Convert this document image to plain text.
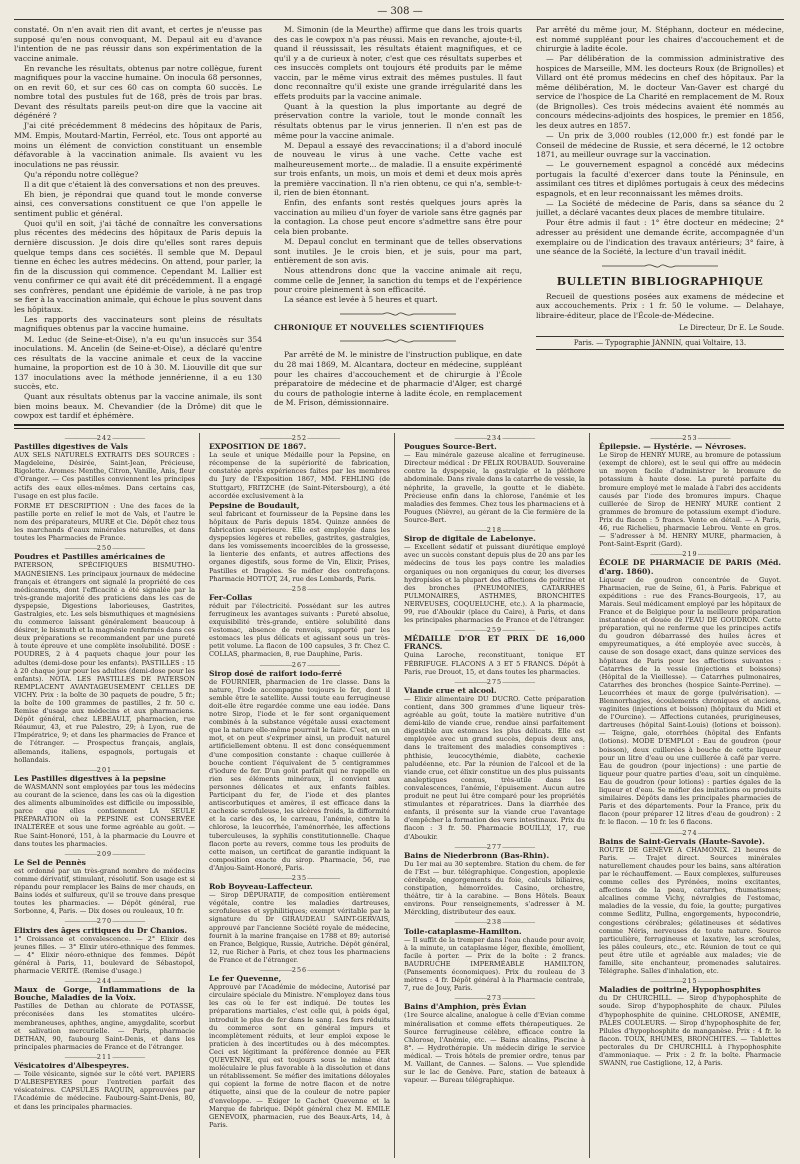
— 308 —

constaté. On n'en avait rien dit avant, et certes je n'eusse pas supposé qu'en nous convoquant, M. Depaul ait eu d'avance l'intention de ne pas réussir dans son expérimentation de la vaccine animale.

En revanche les résultats, obtenus par notre collègue, furent magnifiques pour la vaccine humaine. On inocula 68 personnes, on en revit 60, et sur ces 60 cas on compta 60 succès. Le nombre total des pustules fut de 168, près de trois par bras. Devant des résultats pareils peut-on dire que la vaccine ait dégénéré ?

J'ai cité précédemment 8 médecins des hôpitaux de Paris, MM. Empis, Moutard-Martin, Ferréol, etc. Tous ont apporté au moins un élément de conviction constituant un ensemble défavorable à la vaccination animale. Ils avaient vu les inoculations ne pas réussir.

Qu'a répondu notre collègue?

Il a dit que c'étaient là des conversations et non des preuves.

Eh bien, je répondrai que quand tout le monde converse ainsi, ces conversations constituent ce que l'on appelle le sentiment public et général.

Quoi qu'il en soit, j'ai tâché de connaître les conversations plus récentes des médecins des hôpitaux de Paris depuis la dernière discussion. Je dois dire qu'elles sont rares depuis quelque temps dans ces sociétés. Il semble que M. Depaul tienne en échec les autres médecins. On attend, pour parler, la fin de la discussion qui commence. Cependant M. Lallier est venu confirmer ce qui avait été dit précédemment. Il a engagé ses confrères, pendant une épidémie de variole, à ne pas trop se fier à la vaccination animale, qui échoue le plus souvent dans les hôpitaux.

Les rapports des vaccinateurs sont pleins de résultats magnifiques obtenus par la vaccine humaine.

M. Leduc (de Seine-et-Oise), n'a eu qu'un insuccès sur 354 inoculations. M. Ancelin (de Seine-et-Oise), a déclaré qu'entre ces résultats de la vaccine animale et ceux de la vaccine humaine, la proportion est de 10 à 30. M. Liouville dit que sur 137 inoculations avec la méthode jennérienne, il a eu 130 succès, etc.

Quant aux résultats obtenus par la vaccine animale, ils sont bien moins beaux. M. Chevandier (de la Drôme) dit que le cowpox est tardif et éphémère.

M. Simonin (de la Meurthe) affirme que dans les trois quarts des cas le cowpox n'a pas réussi. Mais en revanche, ajoute-t-il, quand il réussissait, les résultats étaient magnifiques, et ce qu'il y a de curieux à noter, c'est que ces résultats superbes et ces insuccès complets ont toujours été produits par le même vaccin, par le même virus extrait des mêmes pustules. Il faut donc reconnaître qu'il existe une grande irrégularité dans les effets produits par la vaccine animale.

Quant à la question la plus importante au degré de préservation contre la variole, tout le monde connaît les résultats obtenus par le virus jennerien. Il n'en est pas de même pour la vaccine animale.

M. Depaul a essayé des revaccinations; il a d'abord inoculé de nouveau le virus à une vache. Cette vache est malheureusement morte... de maladie. Il a ensuite expérimenté sur trois enfants, un mois, un mois et demi et deux mois après la première vaccination. Il n'a rien obtenu, ce qui n'a, semble-t-il, rien de bien étonnant.

Enfin, des enfants sont restés quelques jours après la vaccination au milieu d'un foyer de variole sans être gagnés par la contagion. La chose peut encore s'admettre sans être pour cela bien probante.

M. Depaul conclut en terminant que de telles observations sont inutiles. Je le crois bien, et je suis, pour ma part, entièrement de son avis.

Nous attendrons donc que la vaccine animale ait reçu, comme celle de Jenner, la sanction du temps et de l'expérience pour croire pleinement à son efficacité.

La séance est levée à 5 heures et quart.

CHRONIQUE ET NOUVELLES SCIENTIFIQUES

Par arrêté de M. le ministre de l'instruction publique, en date du 28 mai 1869, M. Alcantara, docteur en médecine, suppléant pour les chaires d'accouchement et de chirurgie à l'École préparatoire de médecine et de pharmacie d'Alger, est chargé du cours de pathologie interne à ladite école, en remplacement de M. Frison, démissionnaire.

Par arrêté du même jour, M. Stéphann, docteur en médecine, est nommé suppléant pour les chaires d'accouchement et de chirurgie à ladite école.

— Par délibération de la commission administrative des hospices de Marseille, MM. les docteurs Roux (de Brignolles) et Villard ont été promus médecins en chef des hôpitaux. Par la même délibération, M. le docteur Van-Gaver est chargé du service de l'hospice de La Charité en remplacement de M. Roux (de Brignolles). Ces trois médecins avaient été nommés au concours médecins-adjoints des hospices, le premier en 1856, les deux autres en 1857.

— Un prix de 3,000 roubles (12,000 fr.) est fondé par le Conseil de médecine de Russie, et sera décerné, le 12 octobre 1871, au meilleur ouvrage sur la vaccination.

— Le gouvernement espagnol a concédé aux médecins portugais la faculté d'exercer dans toute la Péninsule, en assimilant ces titres et diplômes portugais à ceux des médecins espagnols, et en leur reconnaissant les mêmes droits.

— La Société de médecine de Paris, dans sa séance du 2 juillet, a déclaré vacantes deux places de membre titulaire.

Pour être admis il faut : 1° être docteur en médecine; 2° adresser au président une demande écrite, accompagnée d'un exemplaire ou de l'indication des travaux antérieurs; 3° faire, à une séance de la Société, la lecture d'un travail inédit.

BULLETIN BIBLIOGRAPHIQUE

Recueil de questions posées aux examens de médecine et aux accouchements. Prix : 1 fr. 50 le volume. — Delahaye, libraire-éditeur, place de l'École-de-Médecine.

Le Directeur, Dr E. Le Soude.
Paris. — Typographie JANNIN, quai Voltaire, 13.
—————— 242 ——————
Pastilles digestives de Vals
AUX SELS NATURELS EXTRAITS DES SOURCES : Magdeleine, Désirée, Saint-Jean, Précieuse, Rigolette. Aromes: Menthe, Citron, Vanille, Anis, fleur d'Oranger. — Ces pastilles conviennent les principes actifs des eaux elles-mêmes. Dans certains cas, l'usage en est plus facile.
FORME ET DESCRIPTION : Une des faces de la pastille porte en relief le mot de Vals, et l'autre le nom des préparateurs, MURE et Cie. Dépôt chez tous les marchands d'eaux minérales naturelles, et dans toutes les Pharmacies de France.
—————— 250 ——————
Poudres et Pastilles américaines de
PATERSON, SPÉCIFIQUES BISMUTHO-MAGNÉSIENS. Les principaux journaux de médecine français et étrangers ont signalé la propriété de ces médicaments, dont l'efficacité a été signalée par la très-grande majorité des praticiens dans les cas de dyspepsie, Digestions laborieuses, Gastrites, Gastralgies, etc. Les sels bismuthiques et magnésiens du commerce laissant généralement beaucoup à désirer, le bismuth et la magnésie renfermés dans ces deux préparations se recommandent par une pureté à toute épreuve et une complète insolubilité. DOSE : POUDRES, 2 à 4 paquets chaque jour pour les adultes (demi-dose pour les enfants). PASTILLES : 15 à 20 chaque jour pour les adultes (demi-dose pour les enfants). NOTA. LES PASTILLES DE PATERSON REMPLACENT AVANTAGEUSEMENT CELLES DE VICHY. Prix : la boîte de 30 paquets de poudre, 5 fr.; la boîte de 100 grammes de pastilles, 2 fr. 50 c. Remise d'usage aux médecins et aux pharmaciens. Dépôt général, chez LEBEAULT, pharmacien, rue Réaumur, 43, et rue Palestro, 29; à Lyon, rue de l'Impératrice, 9; et dans les pharmacies de France et de l'étranger. — Prospectus français, anglais, allemands, italiens, espagnols, portugais et hollandais.
—————— 201 ——————
Les Pastilles digestives à la pepsine
de WASMANN sont employées par tous les médecins au courant de la science, dans les cas où la digestion des aliments albuminoïdes est difficile ou impossible, parce que elles contiennent LA SEULE PRÉPARATION où la PEPSINE est CONSERVÉE INALTÉRÉE et sous une forme agréable au goût. — Rue Saint-Honoré, 151, à la pharmacie du Louvre et dans toutes les pharmacies.
—————— 209 ——————
Le Sel de Pennès
est ordonné par un très-grand nombre de médecins comme dérivatif, stimulant, résolutif. Son usage est si répandu pour remplacer les Bains de mer chauds, en Bains iodés et sulfureux, qu'il se trouve dans presque toutes les pharmacies. — Dépôt général, rue Sorbonne, 4, Paris. — Dix doses ou rouleaux, 10 fr.
—————— 270 ——————
Elixirs des âges critiques du Dr Chanios.
1° Croissance et convalescence. — 2° Elixir des jeunes filles. — 3° Elixir utéro-ethnique des femmes. — 4° Elixir néoro-ethnique des femmes. Dépôt général à Paris, 11, boulevard de Sébastopol, pharmacie VERITÉ. (Remise d'usage.)
—————— 244 ——————
Maux de Gorge, Inflammations de la Bouche, Maladies de la Voix.
Pastilles de Dethan au chlorate de POTASSE, préconisées dans les stomatites ulcéro-membraneuses, aphthes, angine, amygdalite, scorbut et salivation mercurielle. — Paris, pharmacie DETHAN, 90, faubourg Saint-Denis, et dans les principales pharmacies de France et de l'étranger.
—————— 211 ——————
Vésicatoires d'Albespeyres.
— Toile vésicante, signée sur le côté vert. PAPIERS D'ALBESPEYRES pour l'entretien parfait des vésicatoires. CAPSULES RAQUIN, approuvées par l'Académie de médecine. Faubourg-Saint-Denis, 80, et dans les principales pharmacies.
—————— 252 ——————
EXPOSITION DE 1867.
La seule et unique Médaille pour la Pepsine, en récompense de la supériorité de fabrication, constatée après expériences faites par les membres du Jury de l'Exposition 1867, MM. FEHLING (de Stuttgart), FRITZCHE (de Saint-Pétersbourg), a été accordée exclusivement à la
Pepsine de Boudault,
seul fabricant et fournisseur de la Pepsine dans les hôpitaux de Paris depuis 1854. Quinze années de fabrication supérieure. Elle est employée dans les dyspepsies légères et rebelles, gastrites, gastralgies, dans les vomissements incoercibles de la grossesse, la lienterie des enfants, et autres affections des organes digestifs, sous forme de Vin, Elixir, Prises, Pastilles et Dragées. Se méfier des contrefaçons. Pharmacie HOTTOT, 24, rue des Lombards, Paris.
—————— 258 ——————
Fer-Collas
réduit par l'électricité. Possédant sur les autres ferrugineux les avantages suivants : Pureté absolue, exquisibilité très-grande, entière solubilité dans l'estomac, absence de renvois, supporté par les estomacs les plus délicats et agissant sous un très-petit volume. La flacon de 100 capsules, 3 fr. Chez C. COLLAS, pharmacien, 8, rue Dauphine, Paris.
—————— 267 ——————
Sirop dosé de raifort iodo-ferré
de FOURNIER, pharmacien de 1re classe. Dans la nature, l'iode accompagne toujours le fer, dont il semble être le satellite. Aussi toute eau ferrugineuse doit-elle être regardée comme une eau iodée. Dans notre Sirop, l'iode et le fer sont organiquement combinés à la substance végétale aussi exactement que la nature elle-même pourrait le faire. C'est, en un mot, et on peut s'exprimer ainsi, un produit naturel artificiellement obtenu. Il est donc conséquemment d'une composition constante : chaque cuillerée à bouche contient l'équivalent de 5 centigrammes d'iodure de fer. D'un goût parfait qui ne rappelle en rien ses éléments minéraux, il convient aux personnes délicates et aux enfants faibles. Participant du fer, de l'iode et des plantes antiscorbutiques et amères, il est efficace dans la cachexie scrofuleuse, les ulcères froids, la difformité et la carie des os, le carreau, l'anémie, contre la chlorose, la leucorrhée, l'aménorrhée, les affections tuberculeuses, la syphilis constitutionnelle. Chaque flacon porte au revers, comme tous les produits de cette maison, un certificat de garantie indiquant la composition exacte du sirop. Pharmacie, 56, rue d'Anjou-Saint-Honoré, Paris.
—————— 235 ——————
Rob Boyveau-Laffecteur.
— Sirop DÉPURATIF, de composition entièrement végétale, contre les maladies dartreuses, scrofuleuses et syphilitiques; exempt véritable par la signature du Dr GIRAUDEAU SAINT-GERVAIS, approuvé par l'ancienne Société royale de médecine, fournit à la marine française en 1788 et 89; autorisé en France, Belgique, Russie, Autriche. Dépôt général, 12, rue Richer à Paris, et chez tous les pharmaciens de France et de l'étranger.
—————— 256 ——————
Le fer Quevenne,
Approuvé par l'Académie de médecine, Autorisé par circulaire spéciale du Ministre. N'employez dans tous les cas où le fer est indiqué. De toutes les préparations martiales, c'est celle qui, à poids égal, introduit le plus de fer dans le sang. Les fers réduits du commerce sont en général impurs et incomplètement réduits, et leur emploi expose le praticien à des incertitudes ou à des mécomptes. Ceci est légitimant la préférence donnée au FER QUEVENNE, qui est toujours sous le même état moléculaire le plus favorable à la dissolution et dans un rétablissement. Se méfier des imitations déloyales qui copient la forme de notre flacon et de notre étiquette, ainsi que de la couleur de notre papier d'enveloppe. — Exiger le Cachet Quevenne et la Marque de fabrique. Dépôt général chez M. EMILE GENEVOIX, pharmacien, rue des Beaux-Arts, 14, à Paris.
—————— 234 ——————
Pougues Source-Bert.
— Eau minérale gazeuse alcaline et ferrugineuse. Directeur médical : Dr FÉLIX ROUBAUD. Souveraine contre la dyspepsie, la gastralgie et la pléthore abdominale. Dans rivale dans la catarrhe de vessie, la néphrite, la gravelle, la goutte et le diabète. Précieuse enfin dans la chlorose, l'anémie et les maladies des femmes. Chez tous les pharmaciens et à Pougues (Nièvre), au gérant de la Cie fermière de la Source-Bert.
—————— 218 ——————
Sirop de digitale de Labelonye.
— Excellent sédatif et puissant diurétique employé avec un succès constant depuis plus de 20 ans par les médecins de tous les pays contre les maladies organiques ou non organiques du cœur, les diverses hydropisies et la plupart des affections de poitrine et des bronches (PNEUMONIES, CATARRHES PULMONAIRES, ASTHMES, BRONCHITES NERVEUSES, COQUELUCHE, etc.). A la pharmacie, 99, rue d'Aboukir (place du Caire), à Paris, et dans les principales pharmacies de France et de l'étranger.
—————— 259 ——————
MÉDAILLE D'OR ET PRIX DE 16,000 FRANCS.
Quina Laroche, reconstituant, tonique ET FÉBRIFUGE. FLACONS A 3 ET 5 FRANCS. Dépôt à Paris, rue Drouot, 15, et dans toutes les pharmacies.
—————— 275 ——————
Viande crue et alcool.
— Elixir alimentaire DU DUCRO. Cette préparation contient, dans 300 grammes d'une liqueur très-agréable au goût, toute la matière nutritive d'un demi-kilo de viande crue, rendue ainsi parfaitement digestible aux estomacs les plus délicats. Elle est employée avec un grand succès, depuis deux ans, dans le traitement des maladies consomptives : phthisie, leucocythémie, diabète, cachexie paludéenne, etc. Par la réunion de l'alcool et de la viande crue, cet élixir constitue un des plus puissants analeptiques connus, très-utile dans les convalescences, l'anémie, l'épuisement. Aucun autre produit ne peut lui être comparé pour les propriétés stimulantes et réparatrices. Dans la diarrhée des enfants, il présente sur la viande crue l'avantage d'empêcher la formation des vers intestinaux. Prix du flacon : 3 fr. 50. Pharmacie BOUILLY, 17, rue d'Aboukir.
—————— 277 ——————
Bains de Niederbronn (Bas-Rhin).
Du 1er mai au 30 septembre. Station du chem. de fer de l'Est — bur. télégraphique. Congestion, apoplexie cérébrale, engorgements du foie, calculs biliaires, constipation, hémorroïdes. Casino, orchestre, théâtre, tir à la carabine. — Bons Hôtels. Beaux environs. Pour renseignements, s'adresser à M. Mérckling, distributeur des eaux.
—————— 238 ——————
Toile-cataplasme-Hamilton.
— Il suffit de la tremper dans l'eau chaude pour avoir, à la minute, un cataplasme léger, flexible, émollient, facile à porter. — Prix de la boîte : 2 francs. BAUDRUCHE IMPERMÉABLE HAMILTON, (Pansements économiques). Prix du rouleau de 3 mètres : 4 fr. Dépôt général à la Pharmacie centrale, 7, rue de Jouy, Paris.
—————— 273 ——————
Bains d'Amphion, près Évian
(1re Source alcaline, analogue à celle d'Evian comme minéralisation et comme effets thérapeutiques. 2e Source ferrugineuse célèbre, efficace contre la Chlorose, l'Anémie, etc. — Bains alcalins, Piscine à 8°. — Hydrothérapie. Un médecin dirige le service médical. — Trois hôtels de premier ordre, tenus par M. Vaillant, de Cannes. — Salons. — Vue splendide sur le lac de Genève. Parc, station de bateaux à vapeur. — Bureau télégraphique.
—————— 253 ——————
Épilepsie. — Hystérie. — Névroses.
Le Sirop de HENRY MURE, au bromure de potassium (exempt de chlore), est le seul qui offre au médecin un moyen facile d'administrer le bromure de potassium à haute dose. La pureté parfaite du bromure employé met le malade à l'abri des accidents causés par l'iode des bromures impurs. Chaque cuillerée de Sirop de HENRY MURE contient 2 grammes de bromure de potassium exempt d'iodure. Prix du flacon : 5 francs. Vente en détail. — A Paris, 46, rue Richelieu, pharmacie Lebrou. Vente en gros. — S'adresser à M. HENRY MURE, pharmacien, à Pont-Saint-Esprit (Gard).
—————— 219 ——————
ÉCOLE DE PHARMACIE DE PARIS (Méd. d'arg. 1860).
Liqueur de goudron concentrée de Guyot. Pharmacien, rue de Seine, 61, à Paris. Fabrique et expéditions : rue des Francs-Bourgeois, 17, au Marais. Seul médicament employé par les hôpitaux de France et de Belgique pour la meilleure préparation instantanée et douée de l'EAU DE GOUDRON. Cette préparation, qui ne renferme que les principes actifs du goudron débarrassé des huiles âcres et empyreumatiques, a été employée avec succès, à cause de son dosage exact, dans quinze services des hôpitaux de Paris pour les affections suivantes : Catarrhes de la vessie (injections et boissons) (Hôpital de la Vieillesse). — Catarrhes pulmonaires, Catarrhes des bronches (hospice Sainte-Perrine). — Leucorrhées et maux de gorge (pulvérisation). — Blennorrhagies, écoulements chroniques et anciens, vaginites (injections et boisson) (hôpitaux du Midi et de l'Ourcine). — Affections cutanées, prurigineuses, dartreuses (hôpital Saint-Louis) (lotions et boisson). — Teigne, gale, otorrhées (hôpital des Enfants (lotions). MODE D'EMPLOI : Eau de goudron (pour boisson), deux cuillerées à bouche de cette liqueur pour un litre d'eau ou une cuillerée à café par verre. Eau de goudron (pour injections) : une partie de liqueur pour quatre parties d'eau, soit un cinquième. Eau de goudron (pour lotions) : parties égales de la liqueur et d'eau. Se méfier des imitations ou produits similaires. Dépôts dans les principales pharmacies de Paris et des départements. Pour la France, prix du flacon (pour préparer 12 litres d'eau de goudron) : 2 fr. le flacon. — 10 fr. les 6 flacons.
—————— 274 ——————
Bains de Saint-Gervais (Haute-Savoie).
ROUTE DE GENÈVE A CHAMONIX. 21 heures de Paris. — Trajet direct. Sources minérales naturellement chaudes pour les bains, sans altération par le réchauffement. — Eaux complexes, sulfureuses comme celles des Pyrénées, moins excitantes, affections de la peau, catarrhes, rhumatismes; alcalines comme Vichy, névralgies de l'estomac, maladies de la vessie, du foie, la goutte; purgatives comme Sedlitz, Pullna, engorgements, hypocondrie, congestions cérébrales; gélatineuses et sédatives comme Néris, nerveuses de toute nature. Source particulière, ferrugineuse et laxative, les scrofules, les pâles couleurs, etc., etc. Réunion de tout ce qui peut être utile et agréable aux malades; vie de famille, site enchanteur, promenades salutaires. Télégraphe. Salles d'inhalation, etc.
—————— 215 ——————
Maladies de poitrine, Hypophosphites
du Dr CHURCHILL. — Sirop d'hypophosphite de soude. Sirop d'hypophosphite de chaux. Pilules d'hypophosphite de quinine. CHLOROSE, ANÉMIE, PÂLES COULEURS. — Sirop d'hypophosphite de fer, Pilules d'hypophosphite de manganèse. Prix : 4 fr. le flacon. TOUX, RHUMES, BRONCHITES. — Tablettes pectorales du Dr CHURCHILL à l'hypophosphite d'ammoniaque. — Prix : 2 fr. la boîte. Pharmacie SWANN, rue Castiglione, 12, à Paris.
